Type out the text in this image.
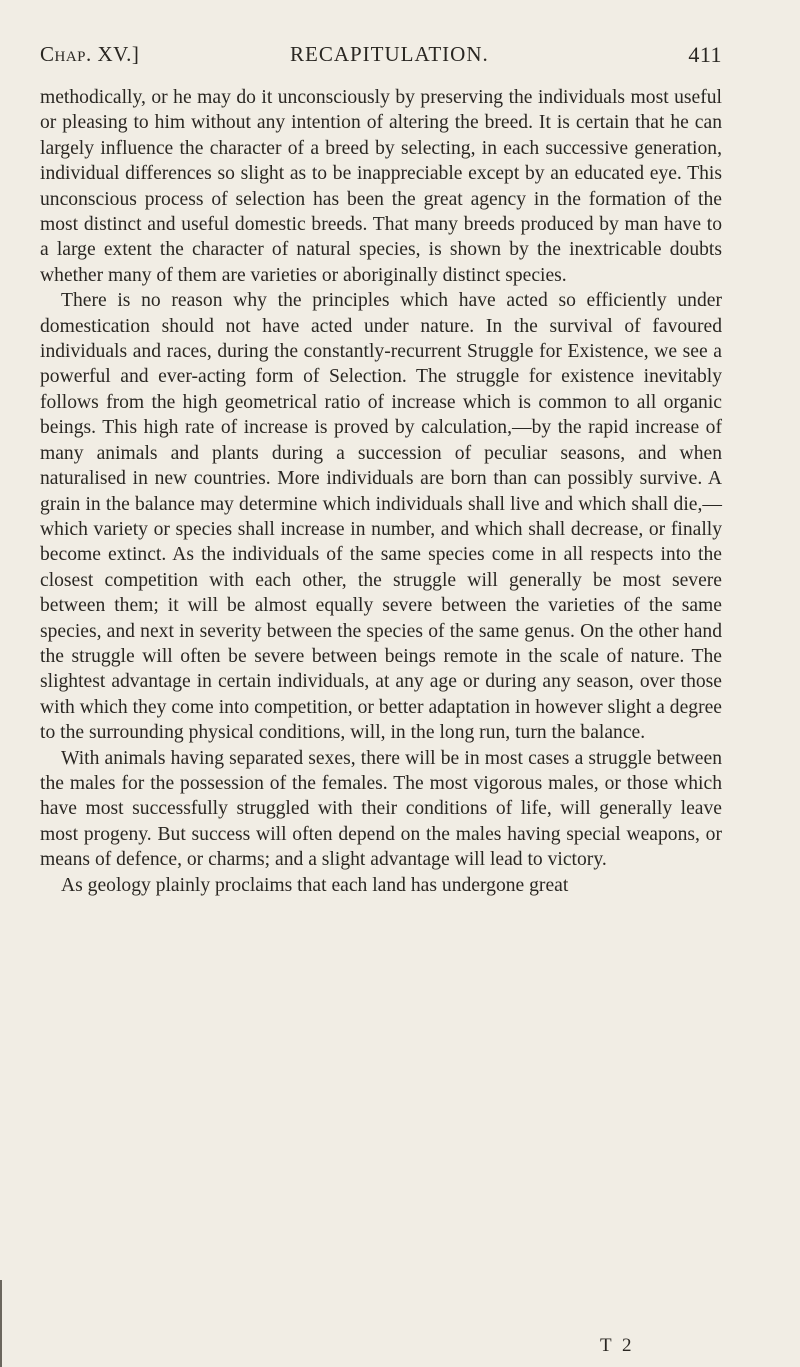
Chap. XV.]	RECAPITULATION.	411

methodically, or he may do it unconsciously by preserving the individuals most useful or pleasing to him without any intention of altering the breed. It is certain that he can largely influence the character of a breed by selecting, in each successive generation, individual differences so slight as to be inappreciable except by an educated eye. This unconscious process of selection has been the great agency in the formation of the most distinct and useful domestic breeds. That many breeds produced by man have to a large extent the character of natural species, is shown by the inextricable doubts whether many of them are varieties or aboriginally distinct species.

There is no reason why the principles which have acted so efficiently under domestication should not have acted under nature. In the survival of favoured individuals and races, during the constantly-recurrent Struggle for Existence, we see a powerful and ever-acting form of Selection. The struggle for existence inevitably follows from the high geometrical ratio of increase which is common to all organic beings. This high rate of increase is proved by calculation,—by the rapid increase of many animals and plants during a succession of peculiar seasons, and when naturalised in new countries. More individuals are born than can possibly survive. A grain in the balance may determine which individuals shall live and which shall die,—which variety or species shall increase in number, and which shall decrease, or finally become extinct. As the individuals of the same species come in all respects into the closest competition with each other, the struggle will generally be most severe between them; it will be almost equally severe between the varieties of the same species, and next in severity between the species of the same genus. On the other hand the struggle will often be severe between beings remote in the scale of nature. The slightest advantage in certain individuals, at any age or during any season, over those with which they come into competition, or better adaptation in however slight a degree to the surrounding physical conditions, will, in the long run, turn the balance.

With animals having separated sexes, there will be in most cases a struggle between the males for the possession of the females. The most vigorous males, or those which have most successfully struggled with their conditions of life, will generally leave most progeny. But success will often depend on the males having special weapons, or means of defence, or charms; and a slight advantage will lead to victory.

As geology plainly proclaims that each land has undergone great

T 2
